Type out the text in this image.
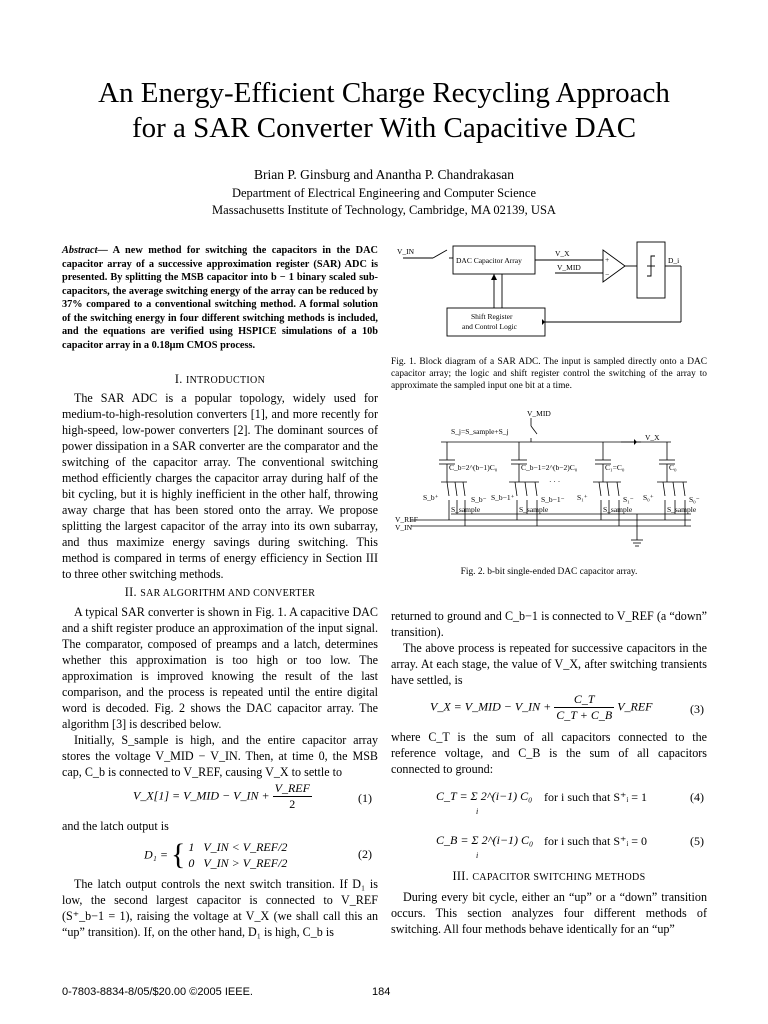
An Energy-Efficient Charge Recycling Approach
for a SAR Converter With Capacitive DAC
Brian P. Ginsburg and Anantha P. Chandrakasan
Department of Electrical Engineering and Computer Science
Massachusetts Institute of Technology, Cambridge, MA 02139, USA
Abstract— A new method for switching the capacitors in the DAC capacitor array of a successive approximation register (SAR) ADC is presented. By splitting the MSB capacitor into b − 1 binary scaled sub-capacitors, the average switching energy of the array can be reduced by 37% compared to a conventional switching method. A formal solution of the switching energy in four different switching methods is included, and the equations are verified using HSPICE simulations of a 10b capacitor array in a 0.18μm CMOS process.
I. INTRODUCTION

The SAR ADC is a popular topology, widely used for medium-to-high-resolution converters [1], and more recently for high-speed, low-power converters [2]. The dominant sources of power dissipation in a SAR converter are the comparator and the switching of the capacitor array. The conventional switching method efficiently charges the capacitor array during half of the bit cycling, but it is highly inefficient in the other half, throwing away charge that has been stored onto the array. We propose splitting the largest capacitor of the array into its own subarray, and thus maximize energy savings during switching. This method is compared in terms of energy efficiency in Section III to three other switching methods.

II. SAR ALGORITHM AND CONVERTER

A typical SAR converter is shown in Fig. 1. A capacitive DAC and a shift register produce an approximation of the input signal. The comparator, composed of preamps and a latch, determines whether this approximation is too high or too low. The approximation is improved knowing the result of the last comparison, and the process is repeated until the entire digital word is decoded. Fig. 2 shows the DAC capacitor array. The algorithm [3] is described below.

Initially, S_sample is high, and the entire capacitor array stores the voltage V_MID − V_IN. Then, at time 0, the MSB cap, C_b is connected to V_REF, causing V_X to settle to

V_X[1] = V_MID − V_IN + $\frac{\text{V\_REF}}{2}$	(1)

and the latch output is

D₁ = { 1   V_IN < V_REF/2
0   V_IN > V_REF/2
(2)

The latch output controls the next switch transition. If D₁ is low, the second largest capacitor is connected to V_REF (S⁺_b−1 = 1), raising the voltage at V_X (we shall call this an “up” transition). If, on the other hand, D₁ is high, C_b is

returned to ground and C_b−1 is connected to V_REF (a “down” transition).

The above process is repeated for successive capacitors in the array. At each stage, the value of V_X, after switching transients have settled, is

V_X = V_MID − V_IN + $\frac{C\_T}{C\_T + C\_B}$ V_REF	(3)

where C_T is the sum of all capacitors connected to the reference voltage, and C_B is the sum of all capacitors connected to ground:

C_T = Σ 2^(i−1) C₀
i
for i such that S⁺ᵢ = 1	(4)
C_B = Σ 2^(i−1) C₀
i
for i such that S⁺ᵢ = 0	(5)
III. CAPACITOR SWITCHING METHODS

During every bit cycle, either an “up” or a “down” transition occurs. This section analyzes four different methods of switching. All four methods behave identically for an “up”

V_IN
DAC Capacitor Array
V_X
V_MID
+
−
D_i
Shift Register
and Control Logic
Fig. 1. Block diagram of a SAR ADC. The input is sampled directly onto a DAC capacitor array; the logic and shift register control the switching of the array to approximate the sampled input one bit at a time.
V_MID
S_j=S_sample+S_j
V_X
C_b=2^(b−1)C₀	C_b−1=2^(b−2)C₀	C₁=C₀	C₀
· · ·
S_b⁺	S_b⁻ S_b−1⁺	S_b−1⁻ S₁⁺	S₁⁻ S₀⁺	S₀⁻
S_sample	S_sample	S_sample	S_sample
V_REF
V_IN
Fig. 2. b-bit single-ended DAC capacitor array.
0-7803-8834-8/05/$20.00 ©2005 IEEE.	184
